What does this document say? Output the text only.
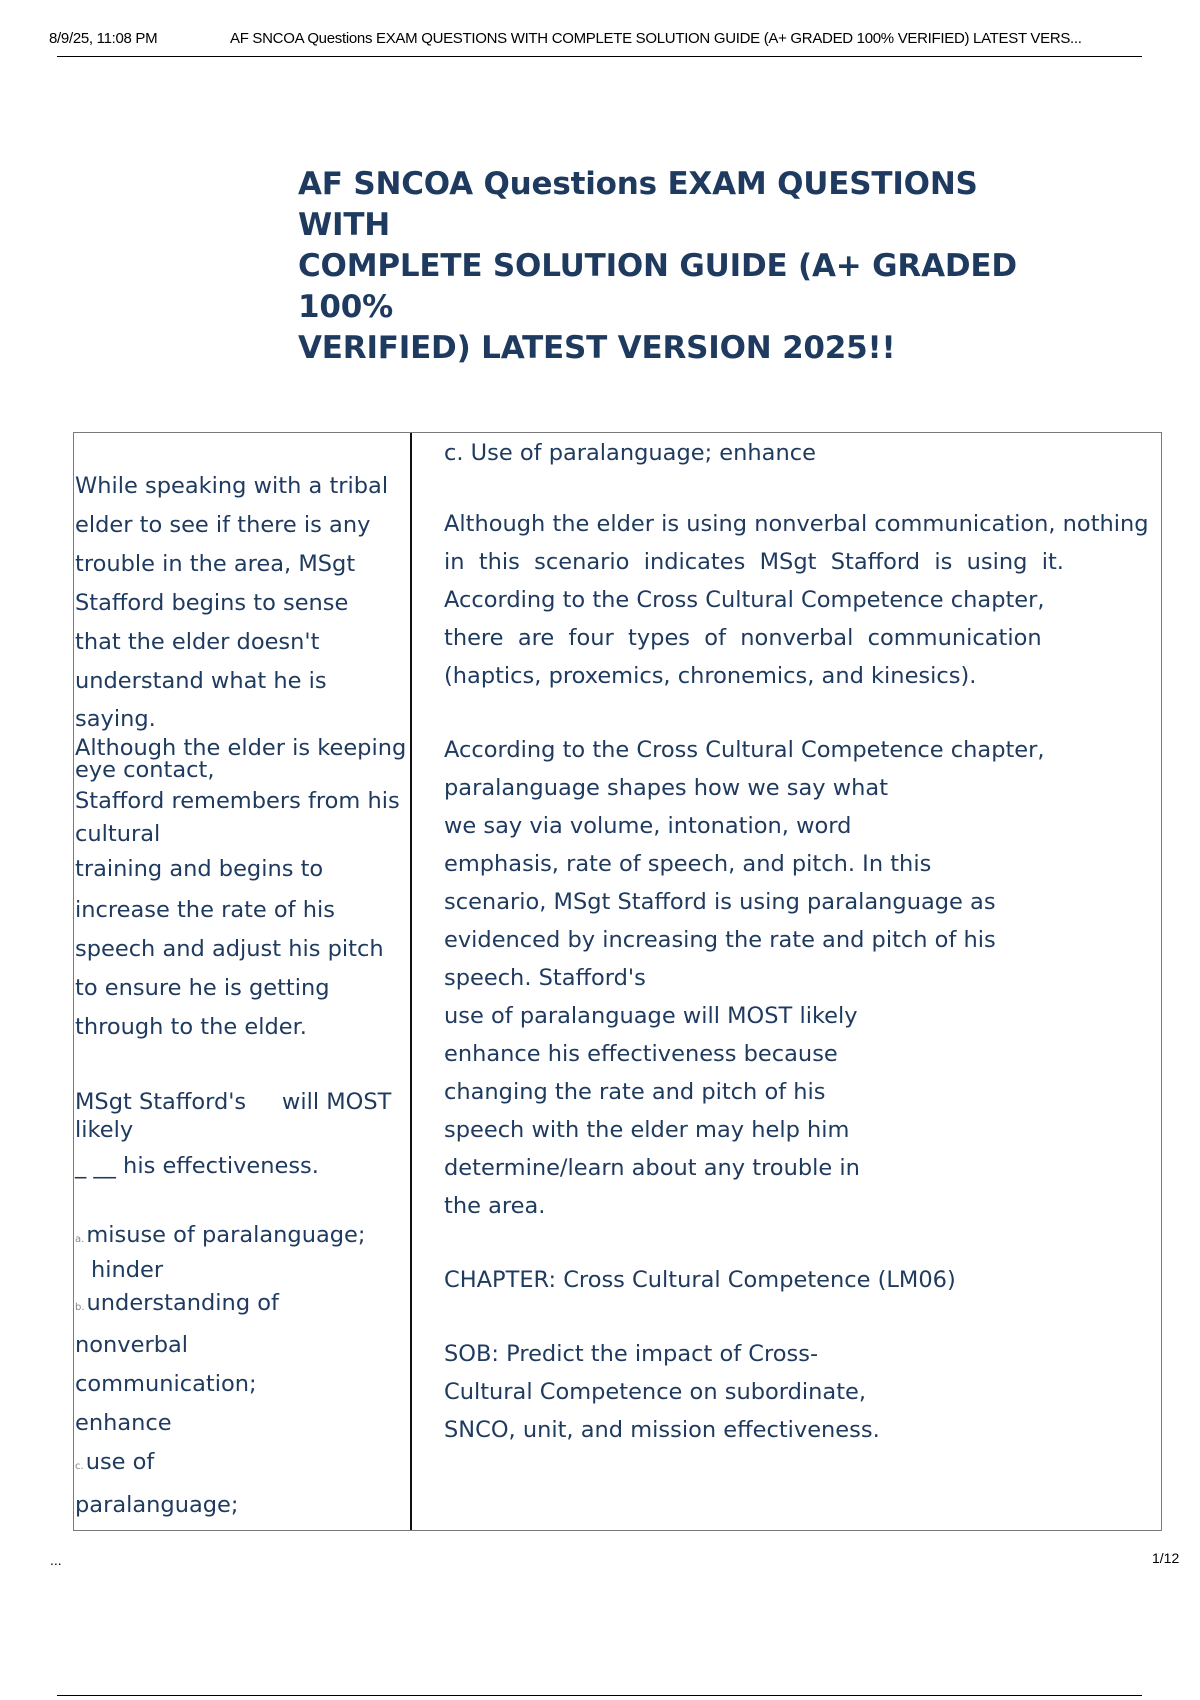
8/9/25, 11:08 PM	AF SNCOA Questions EXAM QUESTIONS WITH COMPLETE SOLUTION GUIDE (A+ GRADED 100% VERIFIED) LATEST VERS...
AF SNCOA Questions EXAM QUESTIONS WITH
COMPLETE SOLUTION GUIDE (A+ GRADED 100%
VERIFIED) LATEST VERSION 2025!!
While speaking with a tribal
elder to see if there is any
trouble in the area, MSgt
Stafford begins to sense
that the elder doesn't
understand what he is
saying.
Although the elder is keeping
eye contact,
Stafford remembers from his
cultural
training and begins to
increase the rate of his
speech and adjust his pitch
to ensure he is getting
through to the elder.
MSgt Stafford's     will MOST
likely
_ __ his effectiveness.
a.misuse of paralanguage;
hinder
b.understanding of
nonverbal
communication;
enhance
c.use of
paralanguage;
c. Use of paralanguage; enhance
Although the elder is using nonverbal communication, nothing
in  this  scenario  indicates  MSgt  Stafford  is  using  it.
According to the Cross Cultural Competence chapter,
there  are  four  types  of  nonverbal  communication
(haptics, proxemics, chronemics, and kinesics).
According to the Cross Cultural Competence chapter,
paralanguage shapes how we say what
we say via volume, intonation, word
emphasis, rate of speech, and pitch. In this
scenario, MSgt Stafford is using paralanguage as
evidenced by increasing the rate and pitch of his
speech. Stafford's
use of paralanguage will MOST likely
enhance his effectiveness because
changing the rate and pitch of his
speech with the elder may help him
determine/learn about any trouble in
the area.
CHAPTER: Cross Cultural Competence (LM06)
SOB: Predict the impact of Cross-
Cultural Competence on subordinate,
SNCO, unit, and mission effectiveness.
...	1/12
